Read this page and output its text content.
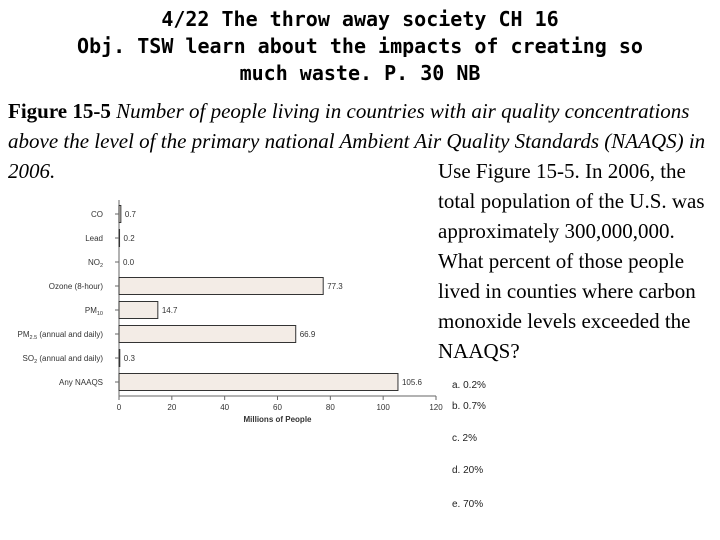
4/22 The throw away society CH 16
Obj. TSW learn about the impacts of creating so
much waste. P. 30 NB
Figure 15-5 Number of people living in countries with air quality concentrations above the level of the primary national Ambient Air Quality Standards (NAAQS) in 2006.	Use Figure 15-5. In 2006, the total population of the U.S. was approximately 300,000,000. What percent of those people lived in counties where carbon monoxide levels exceeded the NAAQS?
a. 0.2%
b. 0.7%
c. 2%
d. 20%
e. 70%
0	20	40	60	80	100	120
Millions of People
CO	0.7
Lead	0.2
$NO_2$	0.0
Ozone (8-hour)	77.3
$PM_{10}$	14.7
$PM_{2.5}$ (annual and daily)	66.9
$SO_2$ (annual and daily)	0.3
Any NAAQS	105.6
